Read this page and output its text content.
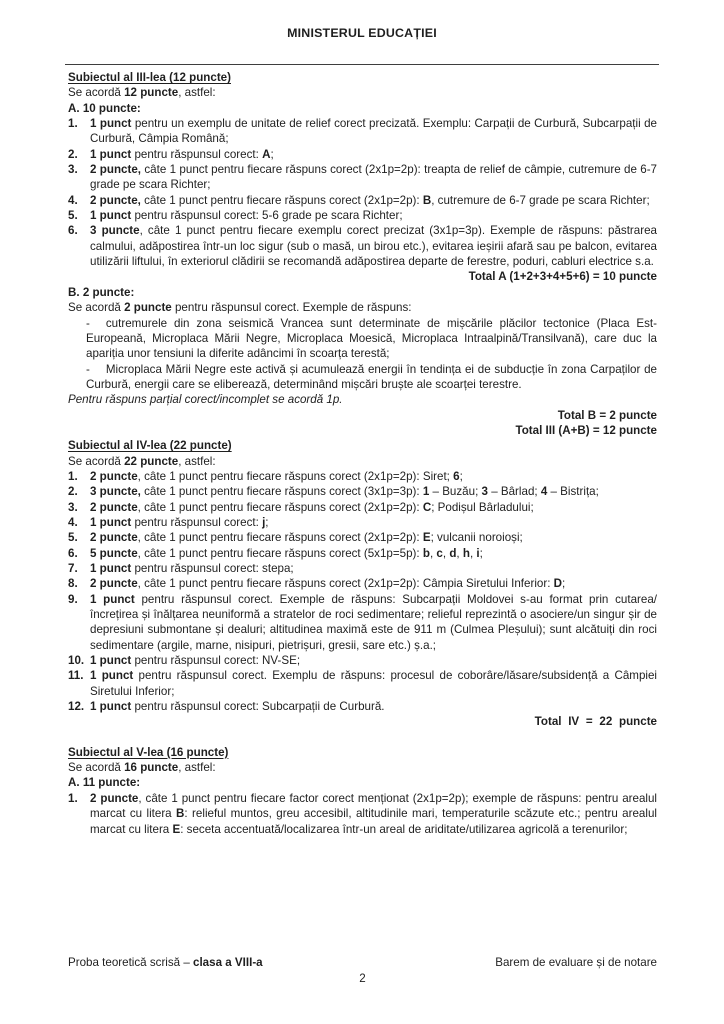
MINISTERUL EDUCAȚIEI
Subiectul al III-lea (12 puncte)
Se acordă 12 puncte, astfel:
A. 10 puncte:
1. 1 punct pentru un exemplu de unitate de relief corect precizată. Exemplu: Carpații de Curbură, Subcarpații de Curbură, Câmpia Română;
2. 1 punct pentru răspunsul corect: A;
3. 2 puncte, câte 1 punct pentru fiecare răspuns corect (2x1p=2p): treapta de relief de câmpie, cutremure de 6-7 grade pe scara Richter;
4. 2 puncte, câte 1 punct pentru fiecare răspuns corect (2x1p=2p): B, cutremure de 6-7 grade pe scara Richter;
5. 1 punct pentru răspunsul corect: 5-6 grade pe scara Richter;
6. 3 puncte, câte 1 punct pentru fiecare exemplu corect precizat (3x1p=3p). Exemple de răspuns: păstrarea calmului, adăpostirea într-un loc sigur (sub o masă, un birou etc.), evitarea ieșirii afară sau pe balcon, evitarea utilizării liftului, în exteriorul clădirii se recomandă adăpostirea departe de ferestre, poduri, cabluri electrice s.a.
Total A (1+2+3+4+5+6) = 10 puncte
B. 2 puncte:
Se acordă 2 puncte pentru răspunsul corect. Exemple de răspuns:
- cutremurele din zona seismică Vrancea sunt determinate de mișcările plăcilor tectonice (Placa Est-Europeană, Microplaca Mării Negre, Microplaca Moesică, Microplaca Intraalpină/Transilvană), care duc la apariția unor tensiuni la diferite adâncimi în scoarța terestă;
- Microplaca Mării Negre este activă și acumulează energii în tendința ei de subducție în zona Carpaților de Curbură, energii care se eliberează, determinând mișcări bruște ale scoarței terestre.
Pentru răspuns parțial corect/incomplet se acordă 1p.
Total B = 2 puncte
Total III (A+B) = 12 puncte
Subiectul al IV-lea (22 puncte)
Se acordă 22 puncte, astfel:
1. 2 puncte, câte 1 punct pentru fiecare răspuns corect (2x1p=2p): Siret; 6;
2. 3 puncte, câte 1 punct pentru fiecare răspuns corect (3x1p=3p): 1 – Buzău; 3 – Bârlad; 4 – Bistrița;
3. 2 puncte, câte 1 punct pentru fiecare răspuns corect (2x1p=2p): C; Podișul Bârladului;
4. 1 punct pentru răspunsul corect: j;
5. 2 puncte, câte 1 punct pentru fiecare răspuns corect (2x1p=2p): E; vulcanii noroioși;
6. 5 puncte, câte 1 punct pentru fiecare răspuns corect (5x1p=5p): b, c, d, h, i;
7. 1 punct pentru răspunsul corect: stepa;
8. 2 puncte, câte 1 punct pentru fiecare răspuns corect (2x1p=2p): Câmpia Siretului Inferior: D;
9. 1 punct pentru răspunsul corect. Exemple de răspuns: Subcarpații Moldovei s-au format prin cutarea/încrețirea și înălțarea neuniformă a stratelor de roci sedimentare; relieful reprezintă o asociere/un singur șir de depresiuni submontane și dealuri; altitudinea maximă este de 911 m (Culmea Pleșului); sunt alcătuiți din roci sedimentare (argile, marne, nisipuri, pietrișuri, gresii, sare etc.) ș.a.;
10. 1 punct pentru răspunsul corect: NV-SE;
11. 1 punct pentru răspunsul corect. Exemplu de răspuns: procesul de coborâre/lăsare/subsidență a Câmpiei Siretului Inferior;
12. 1 punct pentru răspunsul corect: Subcarpații de Curbură.
Total IV = 22 puncte
Subiectul al V-lea (16 puncte)
Se acordă 16 puncte, astfel:
A. 11 puncte:
1. 2 puncte, câte 1 punct pentru fiecare factor corect menționat (2x1p=2p); exemple de răspuns: pentru arealul marcat cu litera B: relieful muntos, greu accesibil, altitudinile mari, temperaturile scăzute etc.; pentru arealul marcat cu litera E: seceta accentuată/localizarea într-un areal de ariditate/utilizarea agricolă a terenurilor;
Proba teoretică scrisă – clasa a VIII-a	Barem de evaluare și de notare
2
